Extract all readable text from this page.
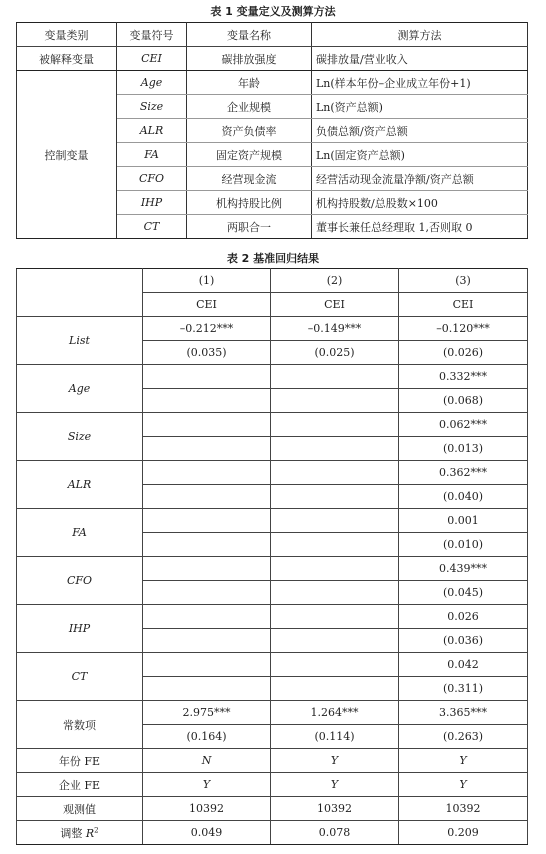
表 1 变量定义及测算方法
变量类别	变量符号	变量名称	测算方法
被解释变量	CEI	碳排放强度	碳排放量/营业收入
控制变量	Age	年龄	Ln(样本年份–企业成立年份+1)
	Size	企业规模	Ln(资产总额)
	ALR	资产负债率	负债总额/资产总额
	FA	固定资产规模	Ln(固定资产总额)
	CFO	经营现金流	经营活动现金流量净额/资产总额
	IHP	机构持股比例	机构持股数/总股数×100
	CT	两职合一	董事长兼任总经理取 1,否则取 0
表 2 基准回归结果
	(1)	(2)	(3)
	CEI	CEI	CEI
List	–0.212***	–0.149***	–0.120***
	(0.035)	(0.025)	(0.026)
Age			0.332***
			(0.068)
Size			0.062***
			(0.013)
ALR			0.362***
			(0.040)
FA			0.001
			(0.010)
CFO			0.439***
			(0.045)
IHP			0.026
			(0.036)
CT			0.042
			(0.311)
常数项	2.975***	1.264***	3.365***
	(0.164)	(0.114)	(0.263)
年份 FE	N	Y	Y
企业 FE	Y	Y	Y
观测值	10392	10392	10392
调整 $R^2$	0.049	0.078	0.209
